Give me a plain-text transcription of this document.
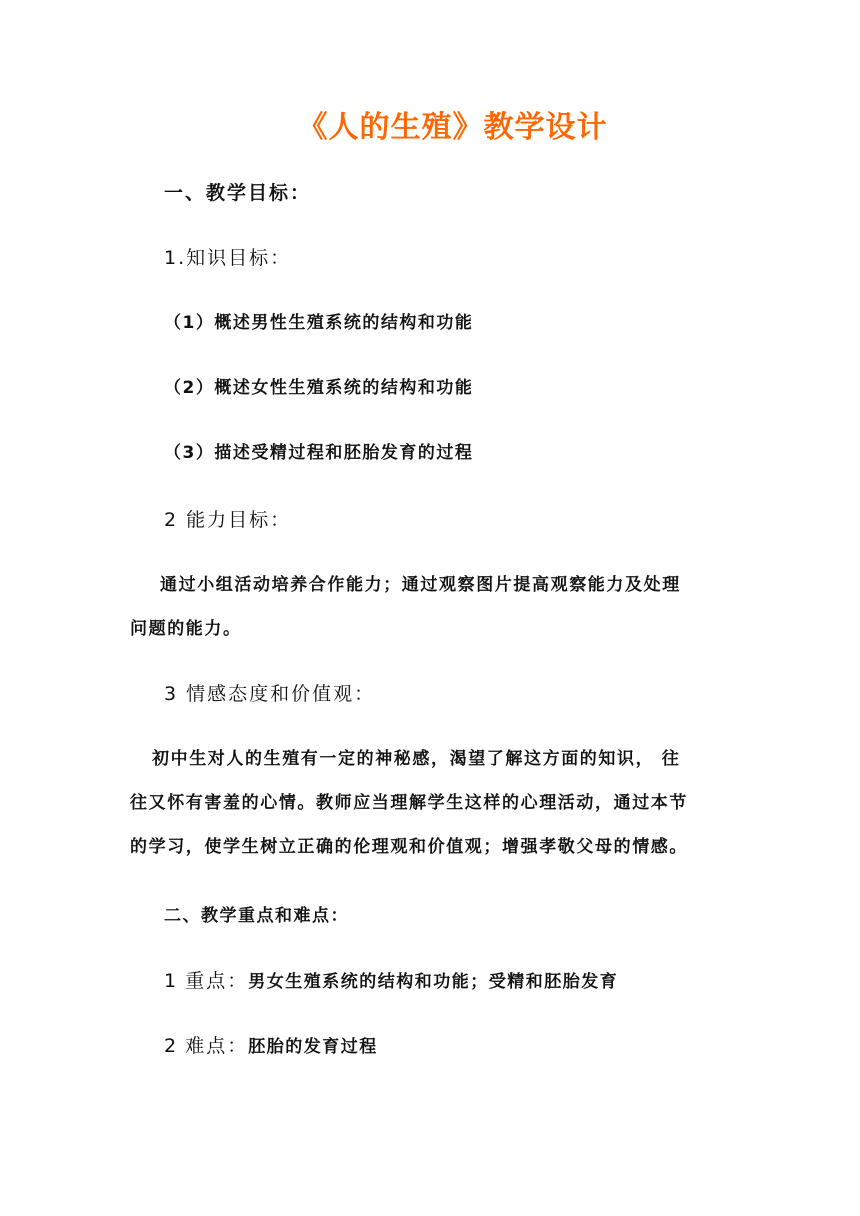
《人的生殖》教学设计
一、教学目标：
1.知识目标：
（1）概述男性生殖系统的结构和功能
（2）概述女性生殖系统的结构和功能
（3）描述受精过程和胚胎发育的过程
2 能力目标：
通过小组活动培养合作能力；通过观察图片提高观察能力及处理
问题的能力。
3 情感态度和价值观：
初中生对人的生殖有一定的神秘感，渴望了解这方面的知识， 往
往又怀有害羞的心情。教师应当理解学生这样的心理活动，通过本节
的学习，使学生树立正确的伦理观和价值观；增强孝敬父母的情感。
二、教学重点和难点：
1 重点：男女生殖系统的结构和功能；受精和胚胎发育
2 难点：胚胎的发育过程
